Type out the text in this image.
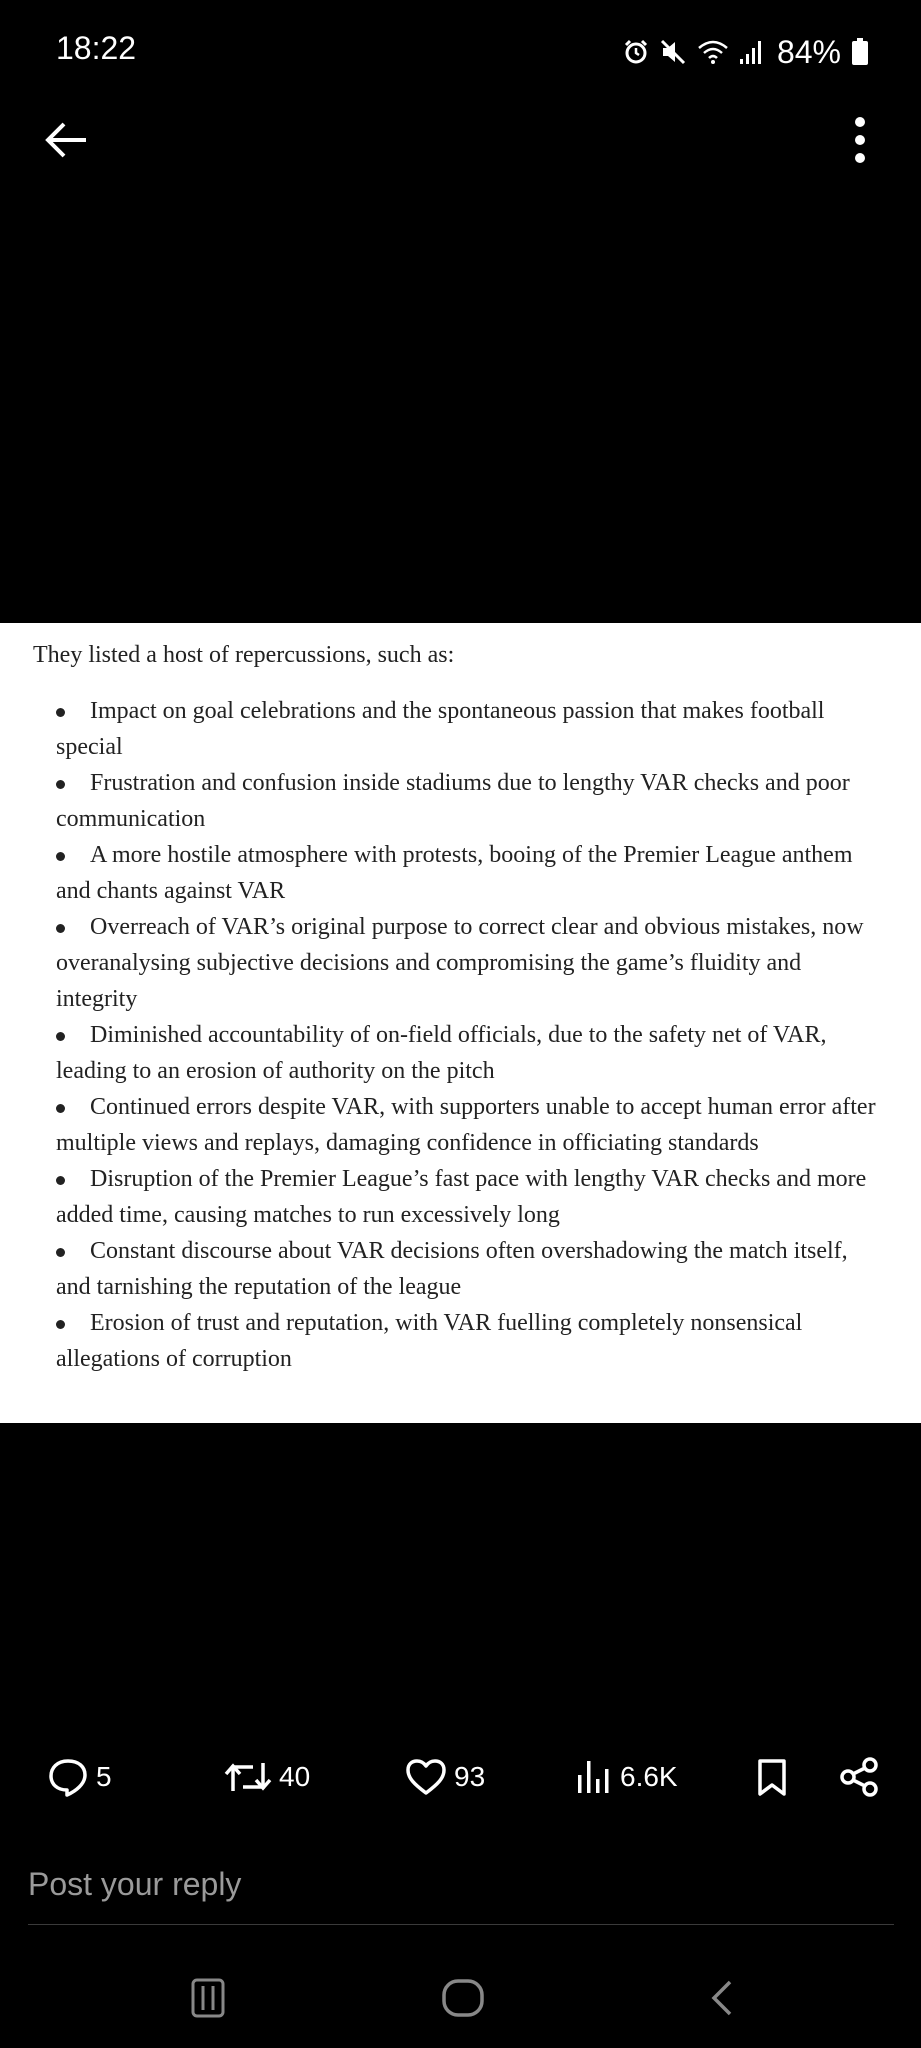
18:22	84%
They listed a host of repercussions, such as:
Impact on goal celebrations and the spontaneous passion that makes football special
Frustration and confusion inside stadiums due to lengthy VAR checks and poor communication
A more hostile atmosphere with protests, booing of the Premier League anthem and chants against VAR
Overreach of VAR’s original purpose to correct clear and obvious mistakes, now overanalysing subjective decisions and compromising the game’s fluidity and integrity
Diminished accountability of on-field officials, due to the safety net of VAR, leading to an erosion of authority on the pitch
Continued errors despite VAR, with supporters unable to accept human error after multiple views and replays, damaging confidence in officiating standards
Disruption of the Premier League’s fast pace with lengthy VAR checks and more added time, causing matches to run excessively long
Constant discourse about VAR decisions often overshadowing the match itself, and tarnishing the reputation of the league
Erosion of trust and reputation, with VAR fuelling completely nonsensical allegations of corruption
5	40	93	6.6K
Post your reply
